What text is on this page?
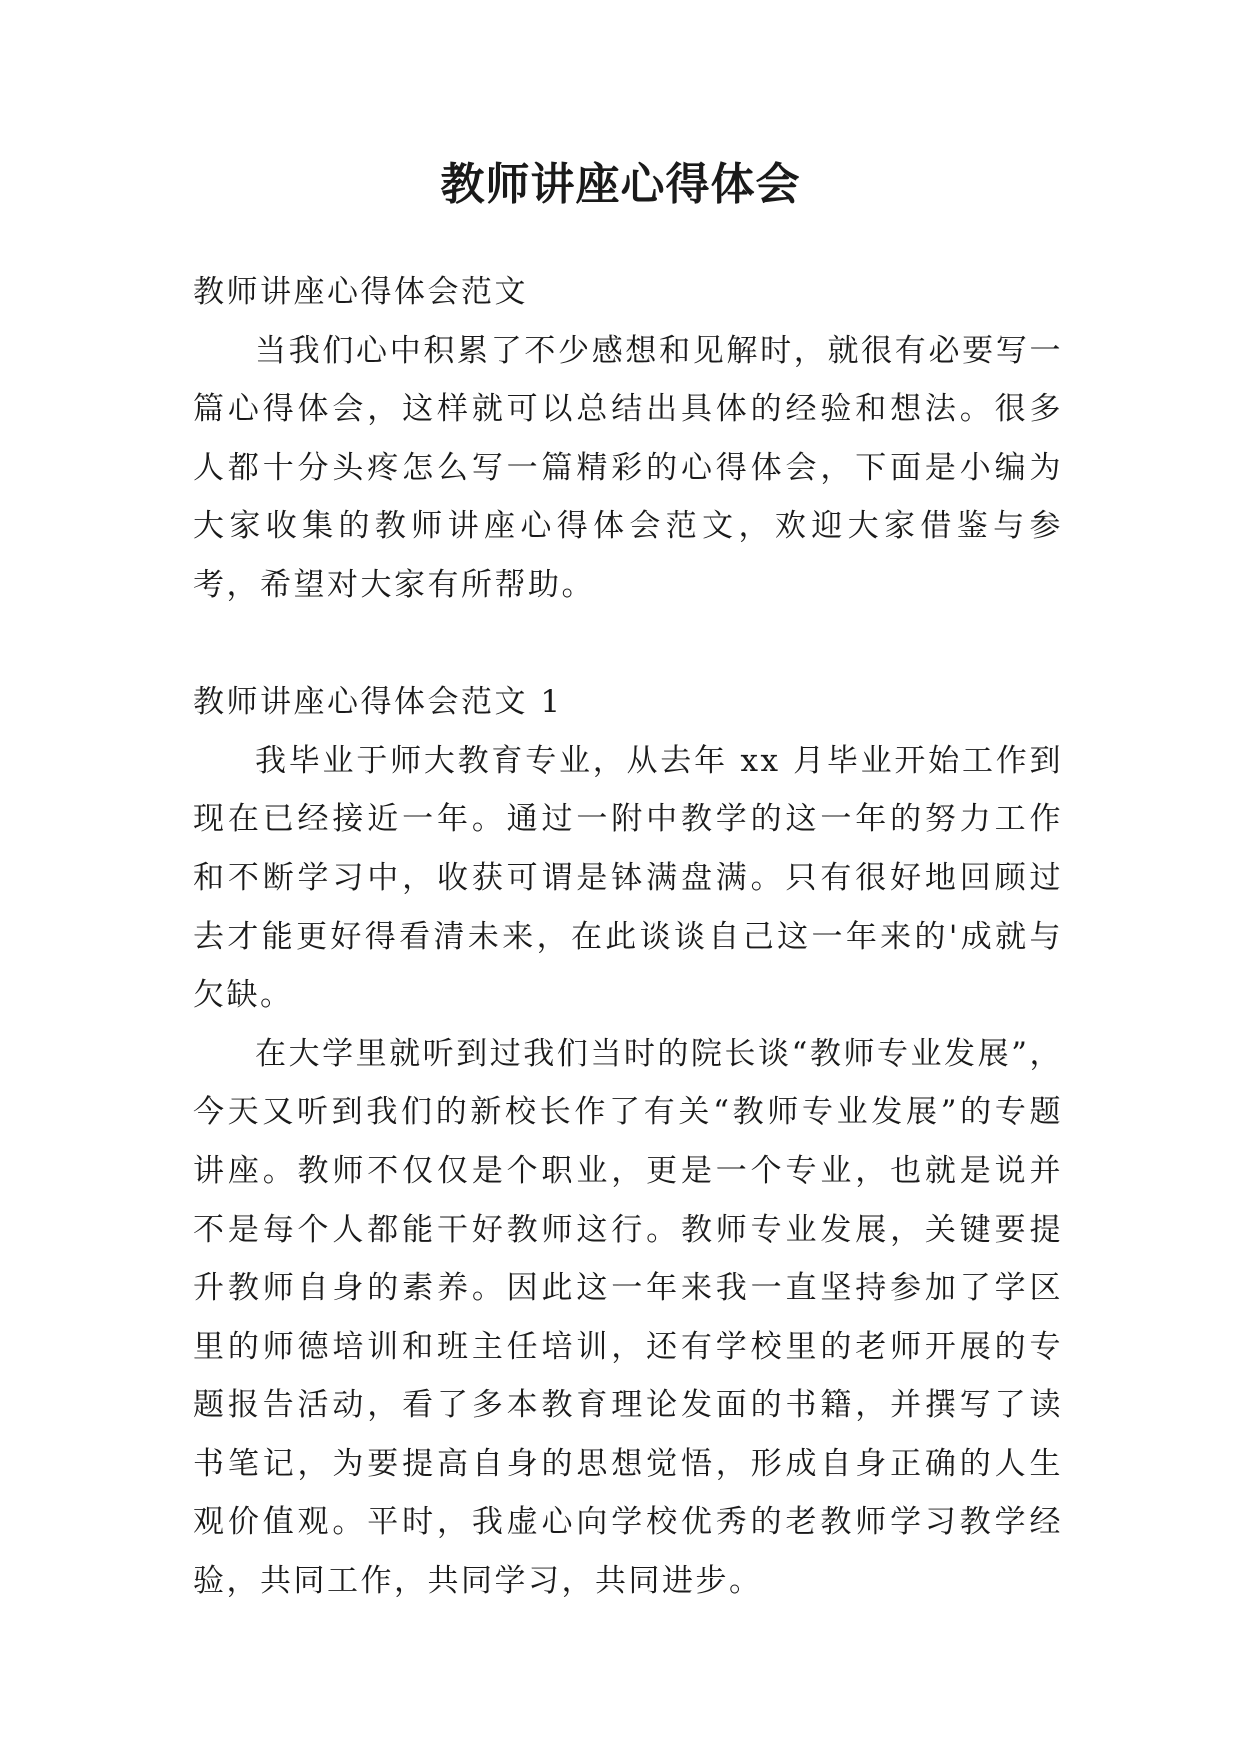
教师讲座心得体会

教师讲座心得体会范文

当我们心中积累了不少感想和见解时，就很有必要写一篇心得体会，这样就可以总结出具体的经验和想法。很多人都十分头疼怎么写一篇精彩的心得体会，下面是小编为大家收集的教师讲座心得体会范文，欢迎大家借鉴与参考，希望对大家有所帮助。

教师讲座心得体会范文 1

我毕业于师大教育专业，从去年 xx 月毕业开始工作到现在已经接近一年。通过一附中教学的这一年的努力工作和不断学习中，收获可谓是钵满盘满。只有很好地回顾过去才能更好得看清未来，在此谈谈自己这一年来的'成就与欠缺。

在大学里就听到过我们当时的院长谈“教师专业发展”，今天又听到我们的新校长作了有关“教师专业发展”的专题讲座。教师不仅仅是个职业，更是一个专业，也就是说并不是每个人都能干好教师这行。教师专业发展，关键要提升教师自身的素养。因此这一年来我一直坚持参加了学区里的师德培训和班主任培训，还有学校里的老师开展的专题报告活动，看了多本教育理论发面的书籍，并撰写了读书笔记，为要提高自身的思想觉悟，形成自身正确的人生观价值观。平时，我虚心向学校优秀的老教师学习教学经验，共同工作，共同学习，共同进步。
